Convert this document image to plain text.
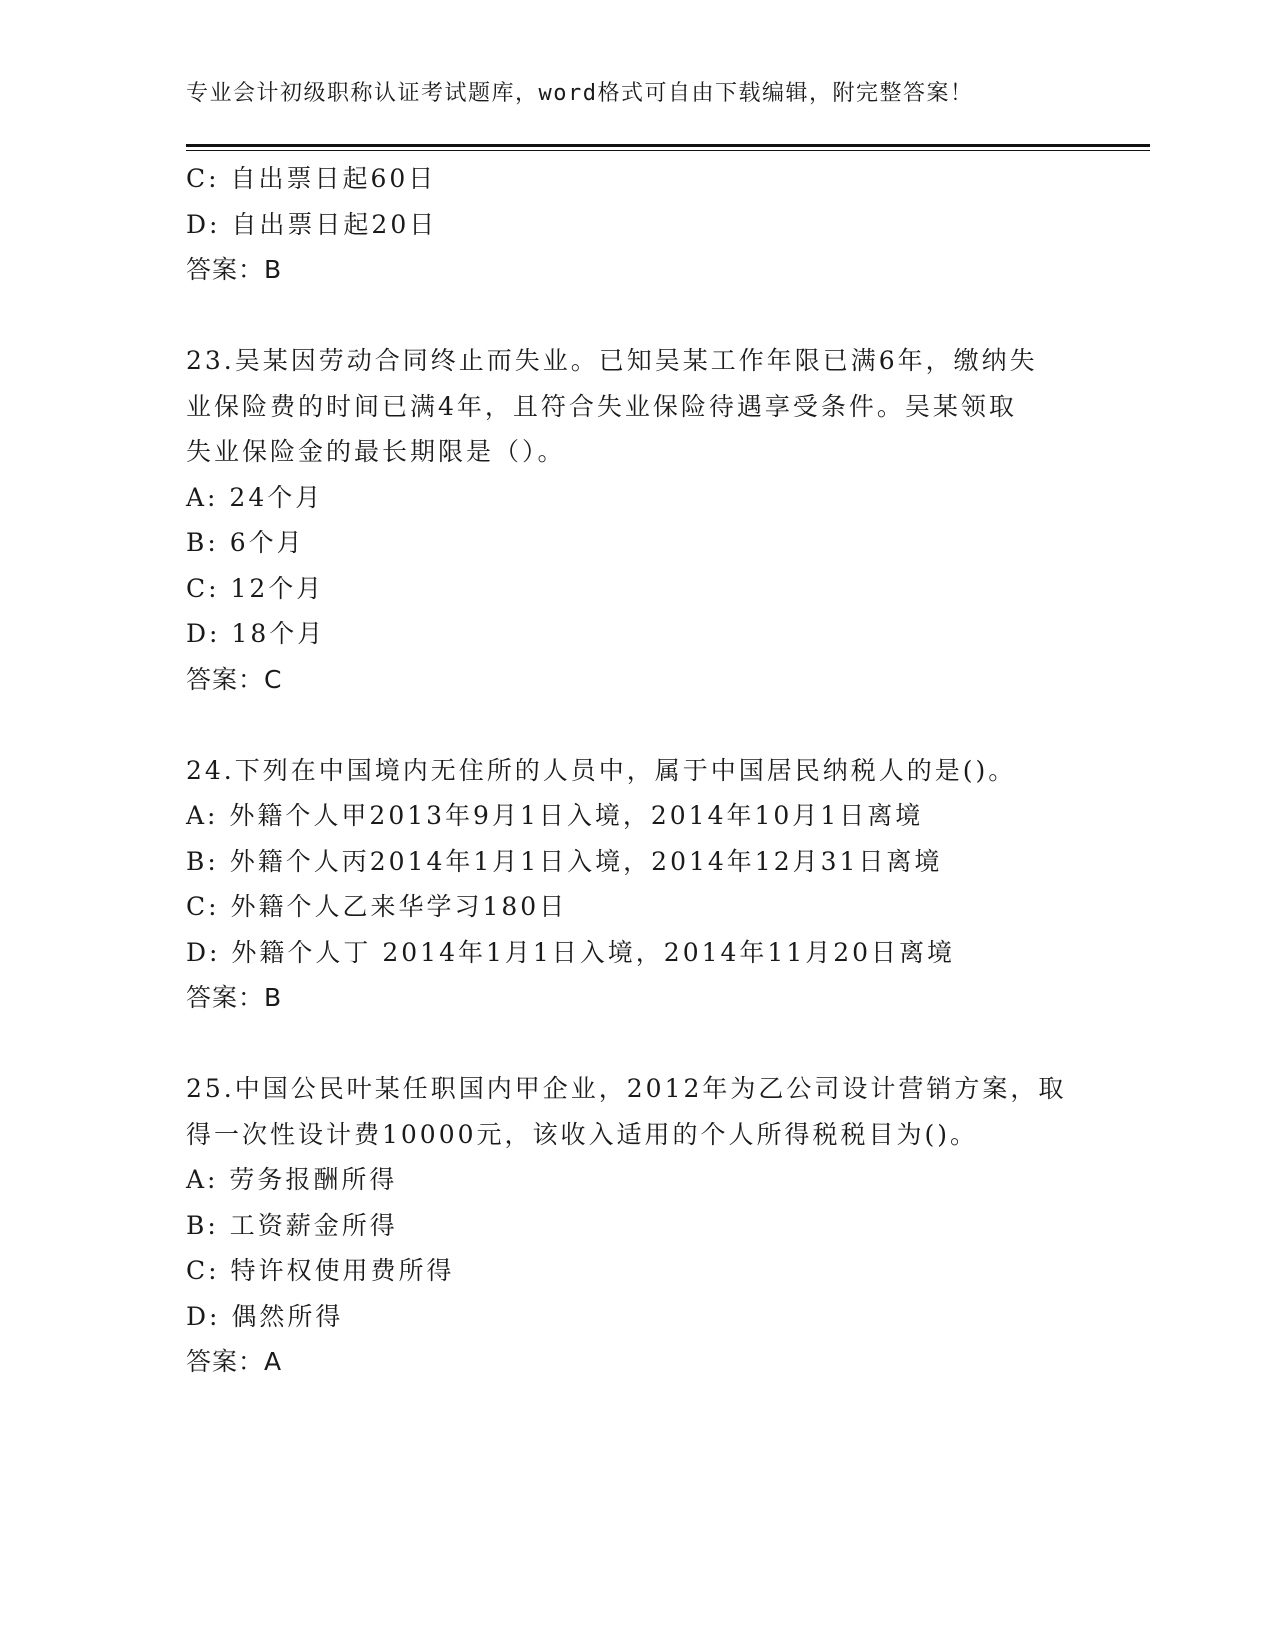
专业会计初级职称认证考试题库，word格式可自由下载编辑，附完整答案！
C: 自出票日起60日
D: 自出票日起20日
答案：B
23.吴某因劳动合同终止而失业。已知吴某工作年限已满6年，缴纳失
业保险费的时间已满4年，且符合失业保险待遇享受条件。吴某领取
失业保险金的最长期限是（）。
A: 24个月
B: 6个月
C: 12个月
D: 18个月
答案：C
24.下列在中国境内无住所的人员中，属于中国居民纳税人的是()。
A: 外籍个人甲2013年9月1日入境，2014年10月1日离境
B: 外籍个人丙2014年1月1日入境，2014年12月31日离境
C: 外籍个人乙来华学习180日
D: 外籍个人丁 2014年1月1日入境，2014年11月20日离境
答案：B
25.中国公民叶某任职国内甲企业，2012年为乙公司设计营销方案，取
得一次性设计费10000元，该收入适用的个人所得税税目为()。
A: 劳务报酬所得
B: 工资薪金所得
C: 特许权使用费所得
D: 偶然所得
答案：A
